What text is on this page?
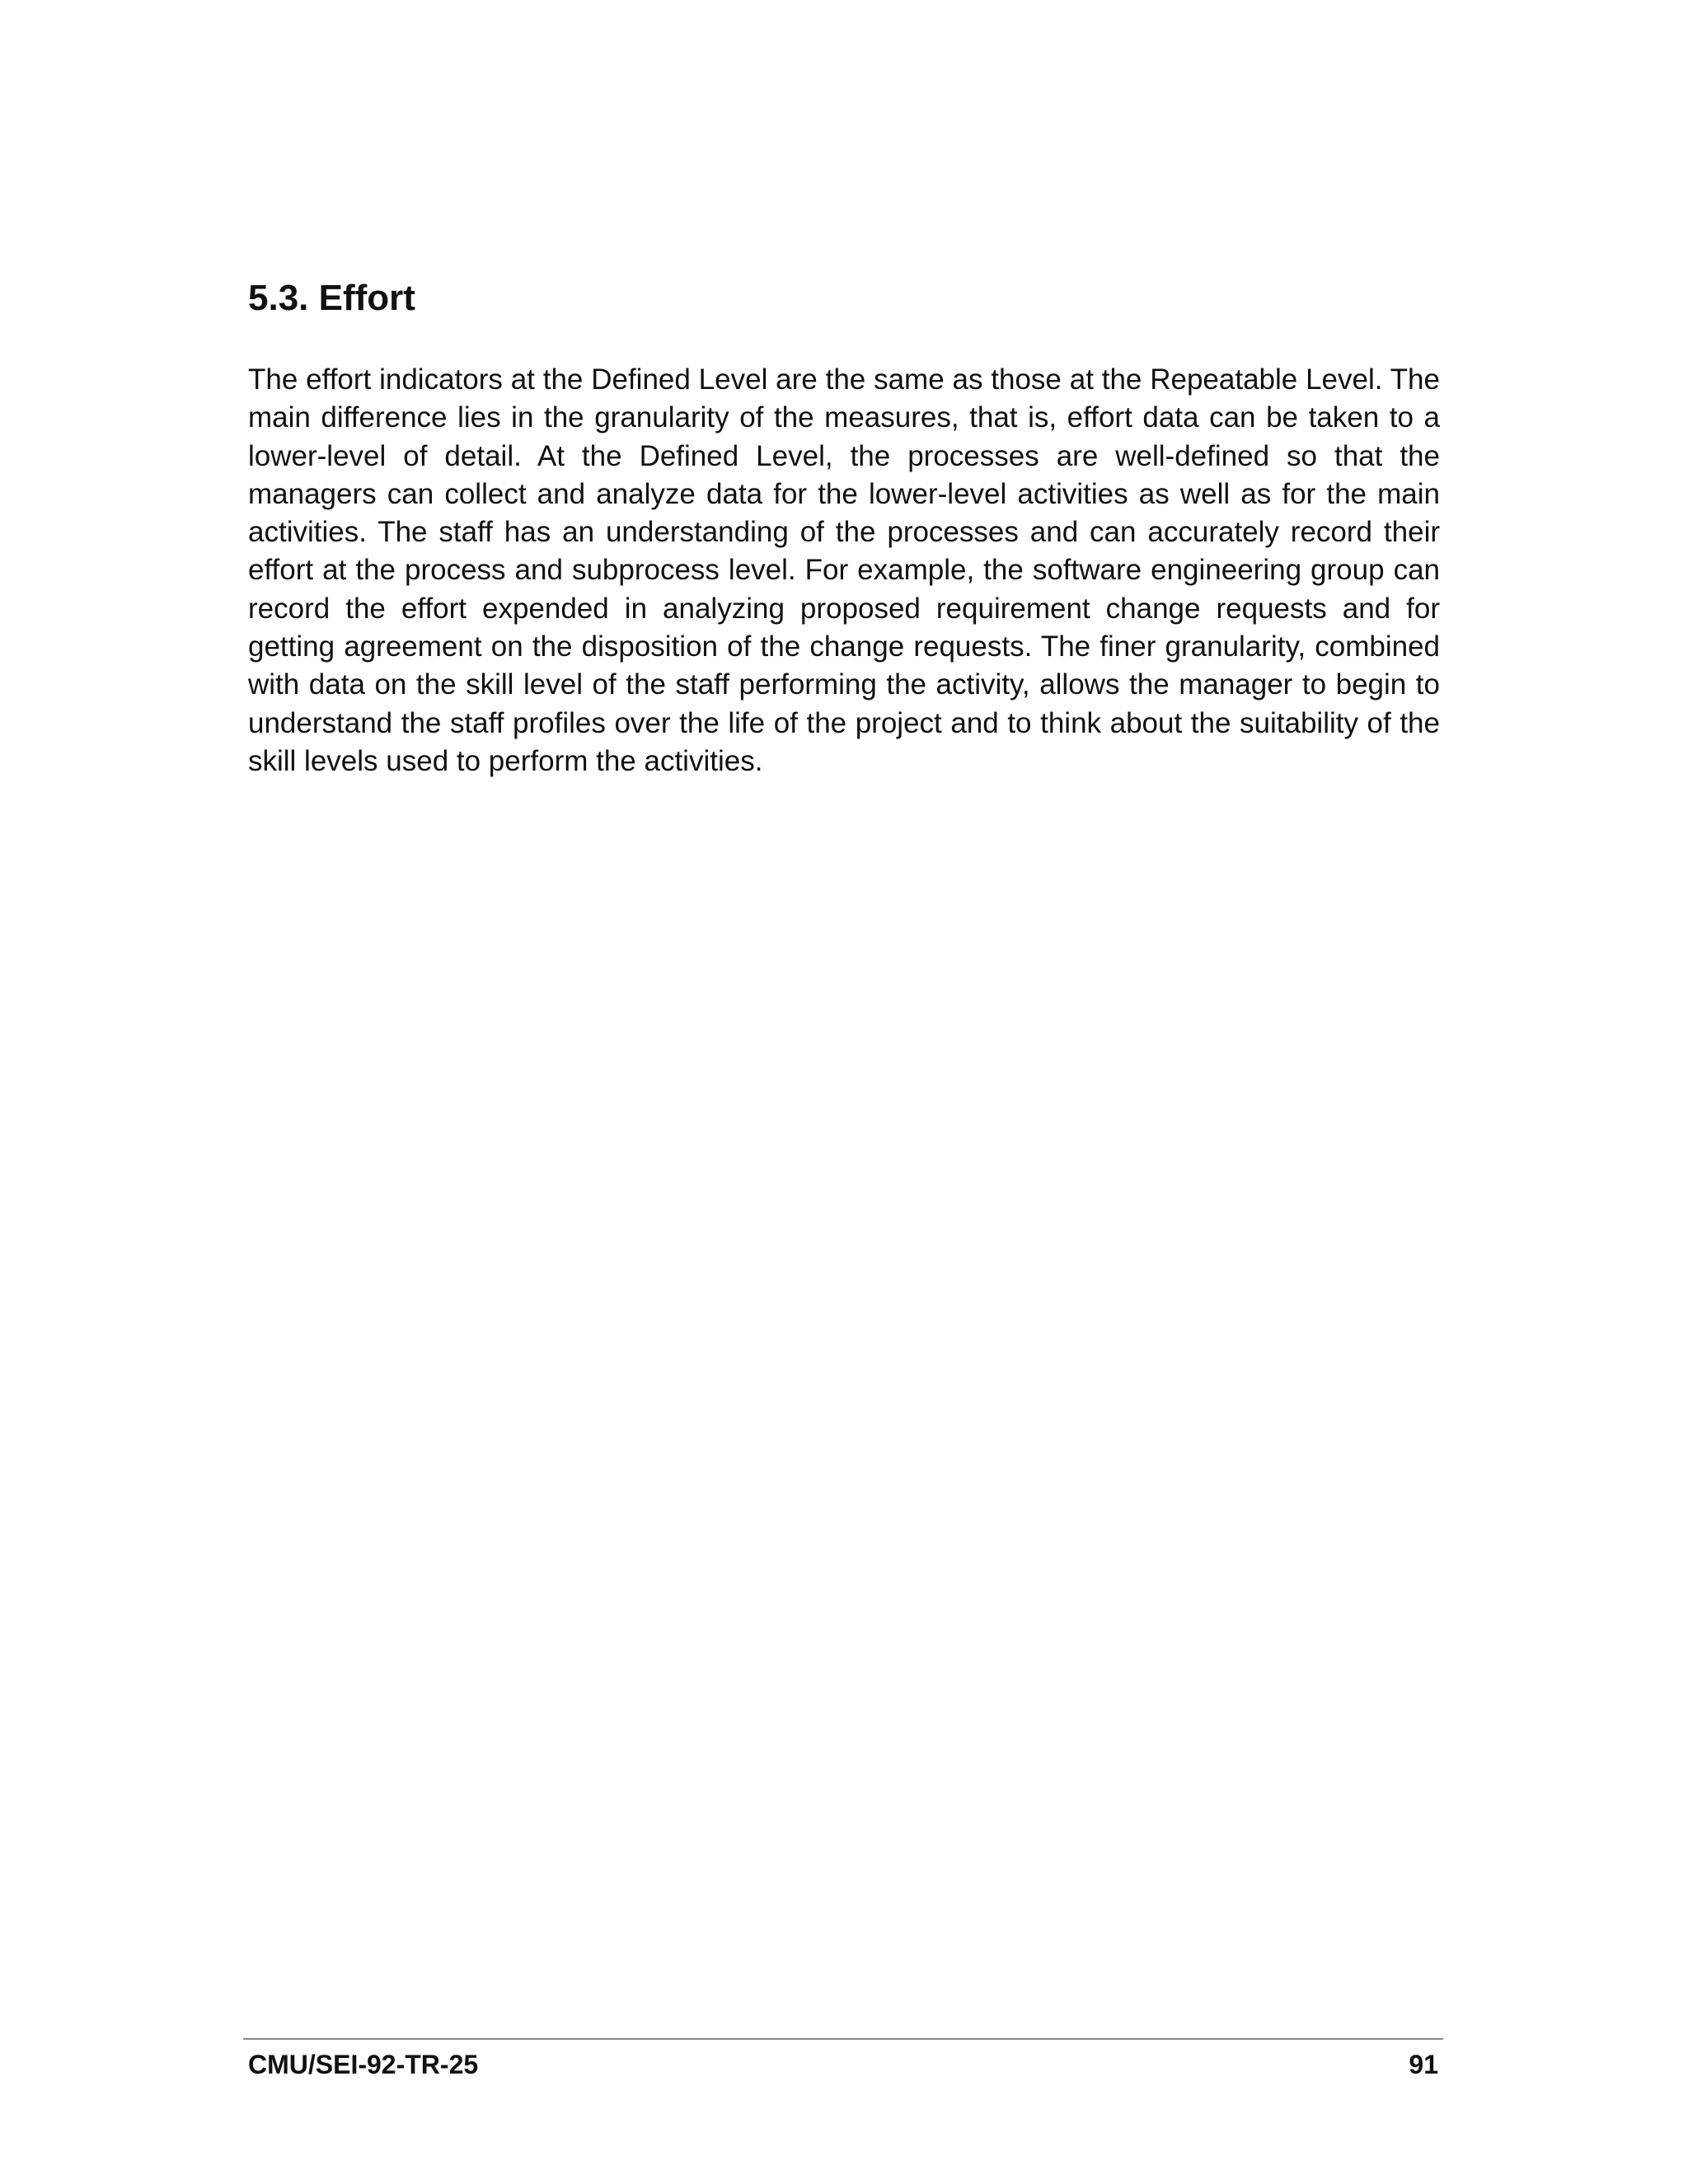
5.3. Effort

The effort indicators at the Defined Level are the same as those at the Repeatable Level. The main difference lies in the granularity of the measures, that is, effort data can be taken to a lower-level of detail. At the Defined Level, the processes are well-defined so that the managers can collect and analyze data for the lower-level activities as well as for the main activities. The staff has an understanding of the processes and can accurately record their effort at the process and subprocess level. For example, the software engineering group can record the effort expended in analyzing proposed requirement change requests and for getting agreement on the disposition of the change requests. The finer granularity, combined with data on the skill level of the staff performing the activity, allows the manager to begin to understand the staff profiles over the life of the project and to think about the suitability of the skill levels used to perform the activities.

CMU/SEI-92-TR-25	91
